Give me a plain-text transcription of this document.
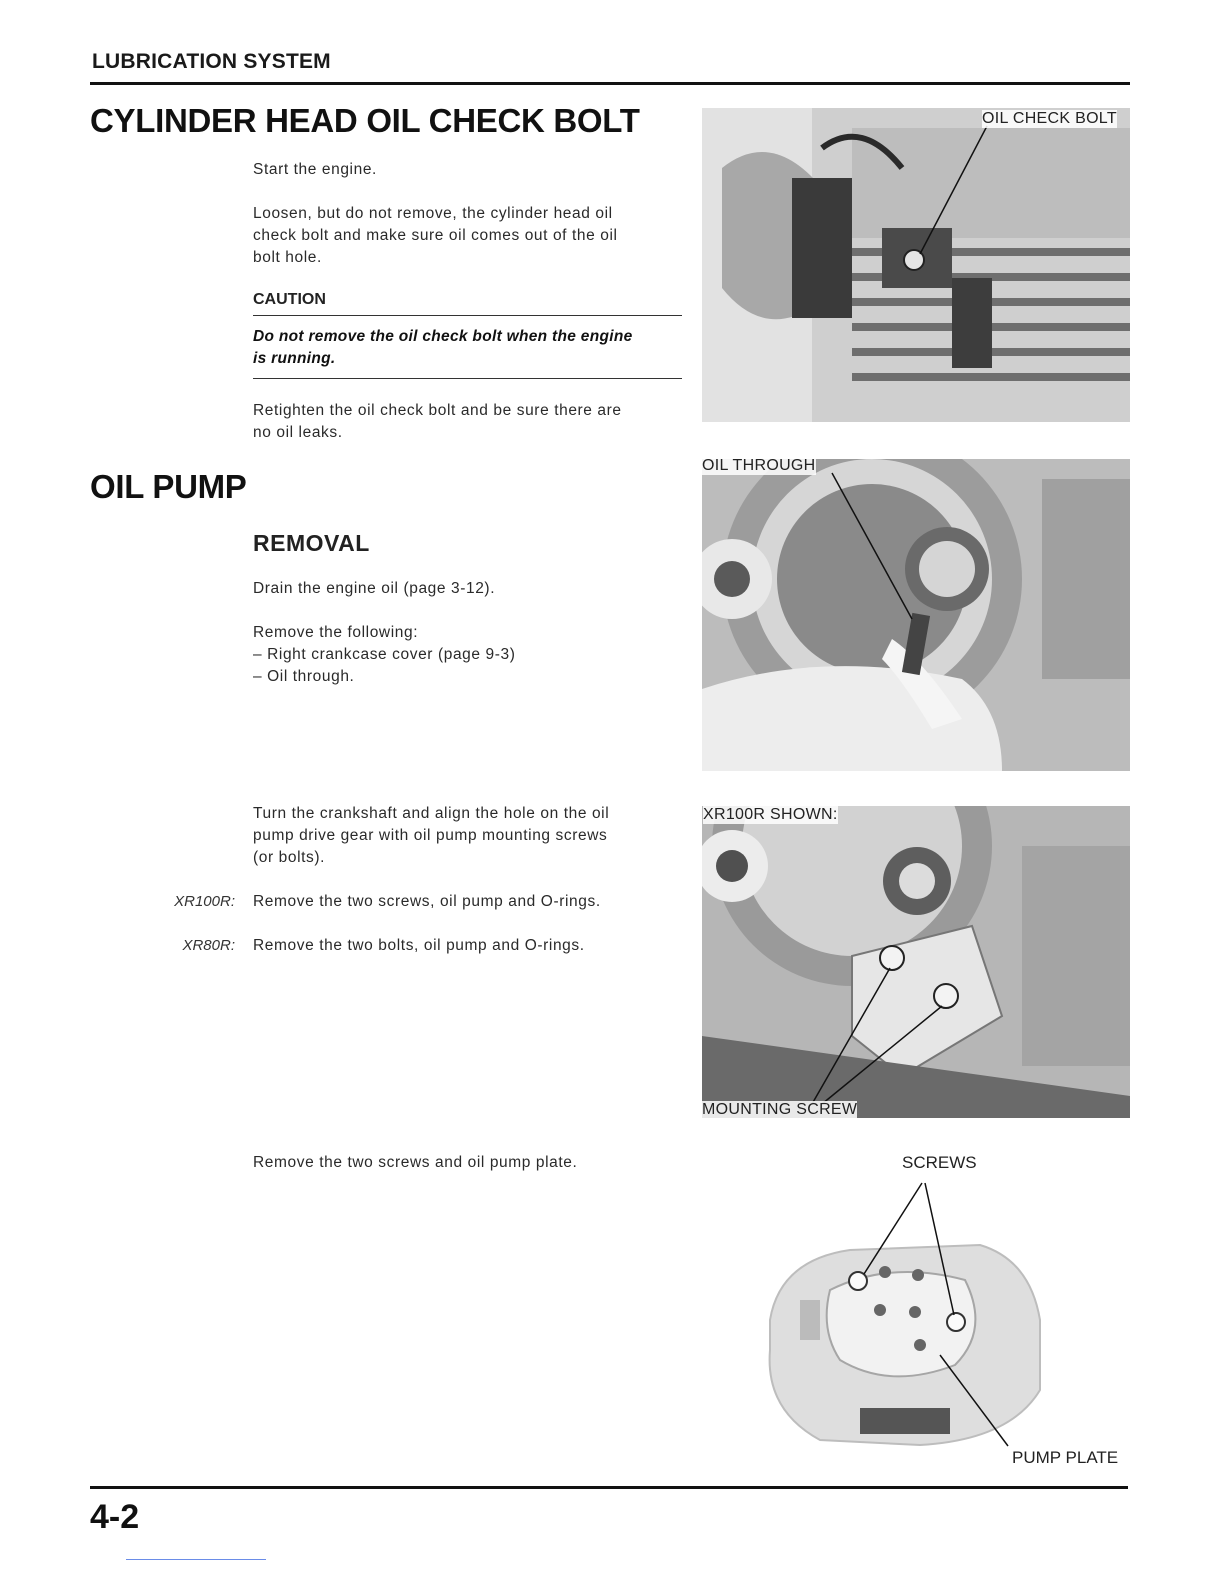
LUBRICATION SYSTEM
CYLINDER HEAD OIL CHECK BOLT
Start the engine.
Loosen, but do not remove, the cylinder head oil
check bolt and make sure oil comes out of the oil
bolt hole.
CAUTION
Do not remove the oil check bolt when the engine
is running.
Retighten the oil check bolt and be sure there are
no oil leaks.
OIL CHECK BOLT
OIL PUMP
REMOVAL
Drain the engine oil (page 3-12).
Remove the following:
– Right crankcase cover (page 9-3)
– Oil through.
OIL THROUGH
Turn the crankshaft and align the hole on the oil
pump drive gear with oil pump mounting screws
(or bolts).
XR100R: Remove the two screws, oil pump and O-rings.
XR80R: Remove the two bolts, oil pump and O-rings.
XR100R SHOWN:
MOUNTING SCREW
Remove the two screws and oil pump plate.	SCREWS
PUMP PLATE
4-2
